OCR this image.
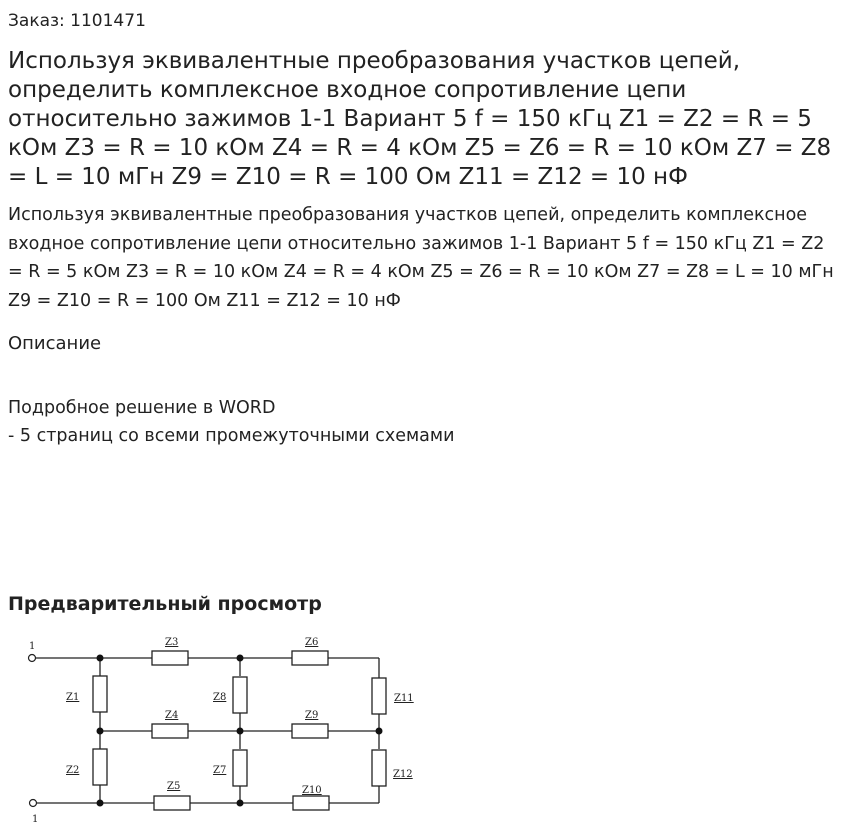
Заказ: 1101471
Используя эквивалентные преобразования участков цепей, определить комплексное входное сопротивление цепи относительно зажимов 1-1 Вариант 5 f = 150 кГц Z1 = Z2 = R = 5 кОм Z3 = R = 10 кОм Z4 = R = 4 кОм Z5 = Z6 = R = 10 кОм Z7 = Z8 = L = 10 мГн Z9 = Z10 = R = 100 Ом Z11 = Z12 = 10 нФ

Используя эквивалентные преобразования участков цепей, определить комплексное входное сопротивление цепи относительно зажимов 1-1 Вариант 5 f = 150 кГц Z1 = Z2 = R = 5 кОм Z3 = R = 10 кОм Z4 = R = 4 кОм Z5 = Z6 = R = 10 кОм Z7 = Z8 = L = 10 мГн Z9 = Z10 = R = 100 Ом Z11 = Z12 = 10 нФ

Описание
Подробное решение в WORD
- 5 страниц со всеми промежуточными схемами
Предварительный просмотр
1
1
Z3	Z6
Z4	Z9
Z5	Z10
Z1
Z2
Z8
Z7
Z11
Z12
